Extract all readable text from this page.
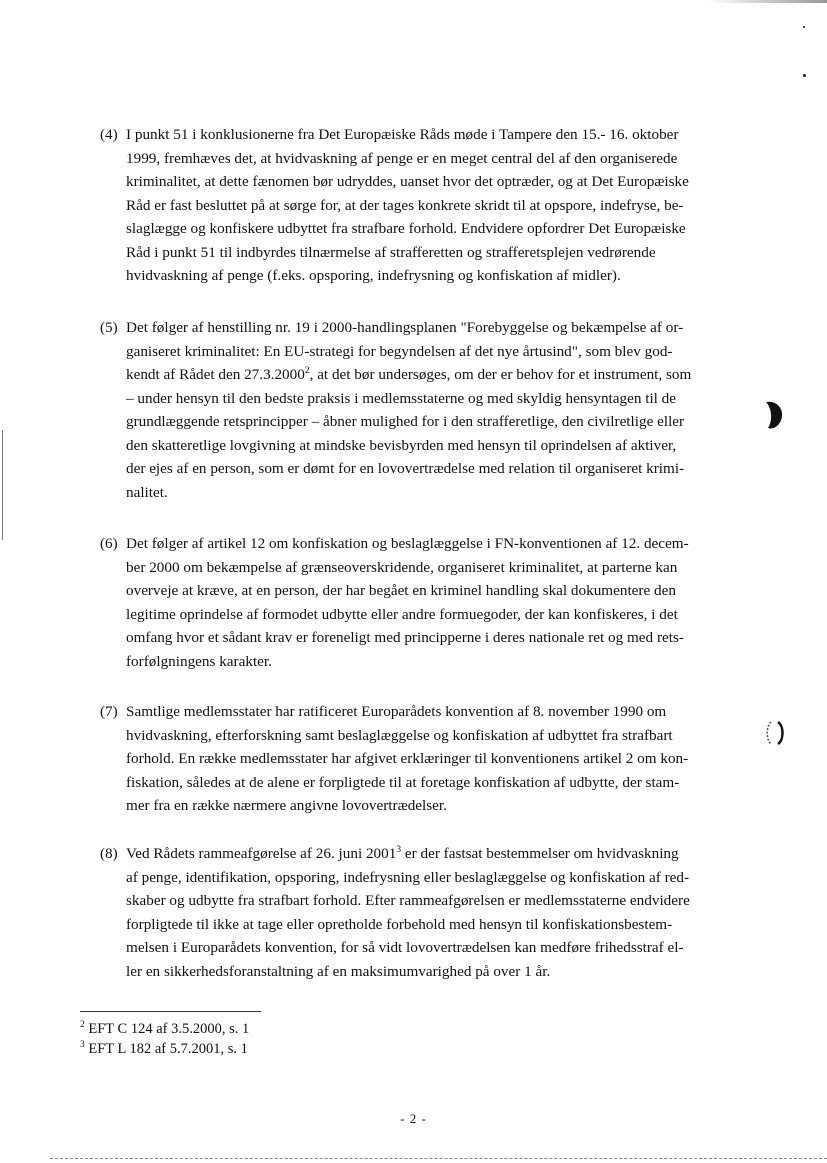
(4) I punkt 51 i konklusionerne fra Det Europæiske Råds møde i Tampere den 15.- 16. oktober
1999, fremhæves det, at hvidvaskning af penge er en meget central del af den organiserede
kriminalitet, at dette fænomen bør udryddes, uanset hvor det optræder, og at Det Europæiske
Råd er fast besluttet på at sørge for, at der tages konkrete skridt til at opspore, indefryse, be-
slaglægge og konfiskere udbyttet fra strafbare forhold. Endvidere opfordrer Det Europæiske
Råd i punkt 51 til indbyrdes tilnærmelse af strafferetten og strafferetsplejen vedrørende
hvidvaskning af penge (f.eks. opsporing, indefrysning og konfiskation af midler).
(5) Det følger af henstilling nr. 19 i 2000-handlingsplanen "Forebyggelse og bekæmpelse af or-
ganiseret kriminalitet: En EU-strategi for begyndelsen af det nye årtusind", som blev god-
kendt af Rådet den 27.3.2000$^2$, at det bør undersøges, om der er behov for et instrument, som
– under hensyn til den bedste praksis i medlemsstaterne og med skyldig hensyntagen til de
grundlæggende retsprincipper – åbner mulighed for i den strafferetlige, den civilretlige eller
den skatteretlige lovgivning at mindske bevisbyrden med hensyn til oprindelsen af aktiver,
der ejes af en person, som er dømt for en lovovertrædelse med relation til organiseret krimi-
nalitet.
(6) Det følger af artikel 12 om konfiskation og beslaglæggelse i FN-konventionen af 12. decem-
ber 2000 om bekæmpelse af grænseoverskridende, organiseret kriminalitet, at parterne kan
overveje at kræve, at en person, der har begået en kriminel handling skal dokumentere den
legitime oprindelse af formodet udbytte eller andre formuegoder, der kan konfiskeres, i det
omfang hvor et sådant krav er foreneligt med principperne i deres nationale ret og med rets-
forfølgningens karakter.
(7) Samtlige medlemsstater har ratificeret Europarådets konvention af 8. november 1990 om
hvidvaskning, efterforskning samt beslaglæggelse og konfiskation af udbyttet fra strafbart
forhold. En række medlemsstater har afgivet erklæringer til konventionens artikel 2 om kon-
fiskation, således at de alene er forpligtede til at foretage konfiskation af udbytte, der stam-
mer fra en række nærmere angivne lovovertrædelser.
(8) Ved Rådets rammeafgørelse af 26. juni 2001$^3$ er der fastsat bestemmelser om hvidvaskning
af penge, identifikation, opsporing, indefrysning eller beslaglæggelse og konfiskation af red-
skaber og udbytte fra strafbart forhold. Efter rammeafgørelsen er medlemsstaterne endvidere
forpligtede til ikke at tage eller opretholde forbehold med hensyn til konfiskationsbestem-
melsen i Europarådets konvention, for så vidt lovovertrædelsen kan medføre frihedsstraf el-
ler en sikkerhedsforanstaltning af en maksimumvarighed på over 1 år.
$^2$ EFT C 124 af 3.5.2000, s. 1
$^3$ EFT L 182 af 5.7.2001, s. 1
- 2 -
